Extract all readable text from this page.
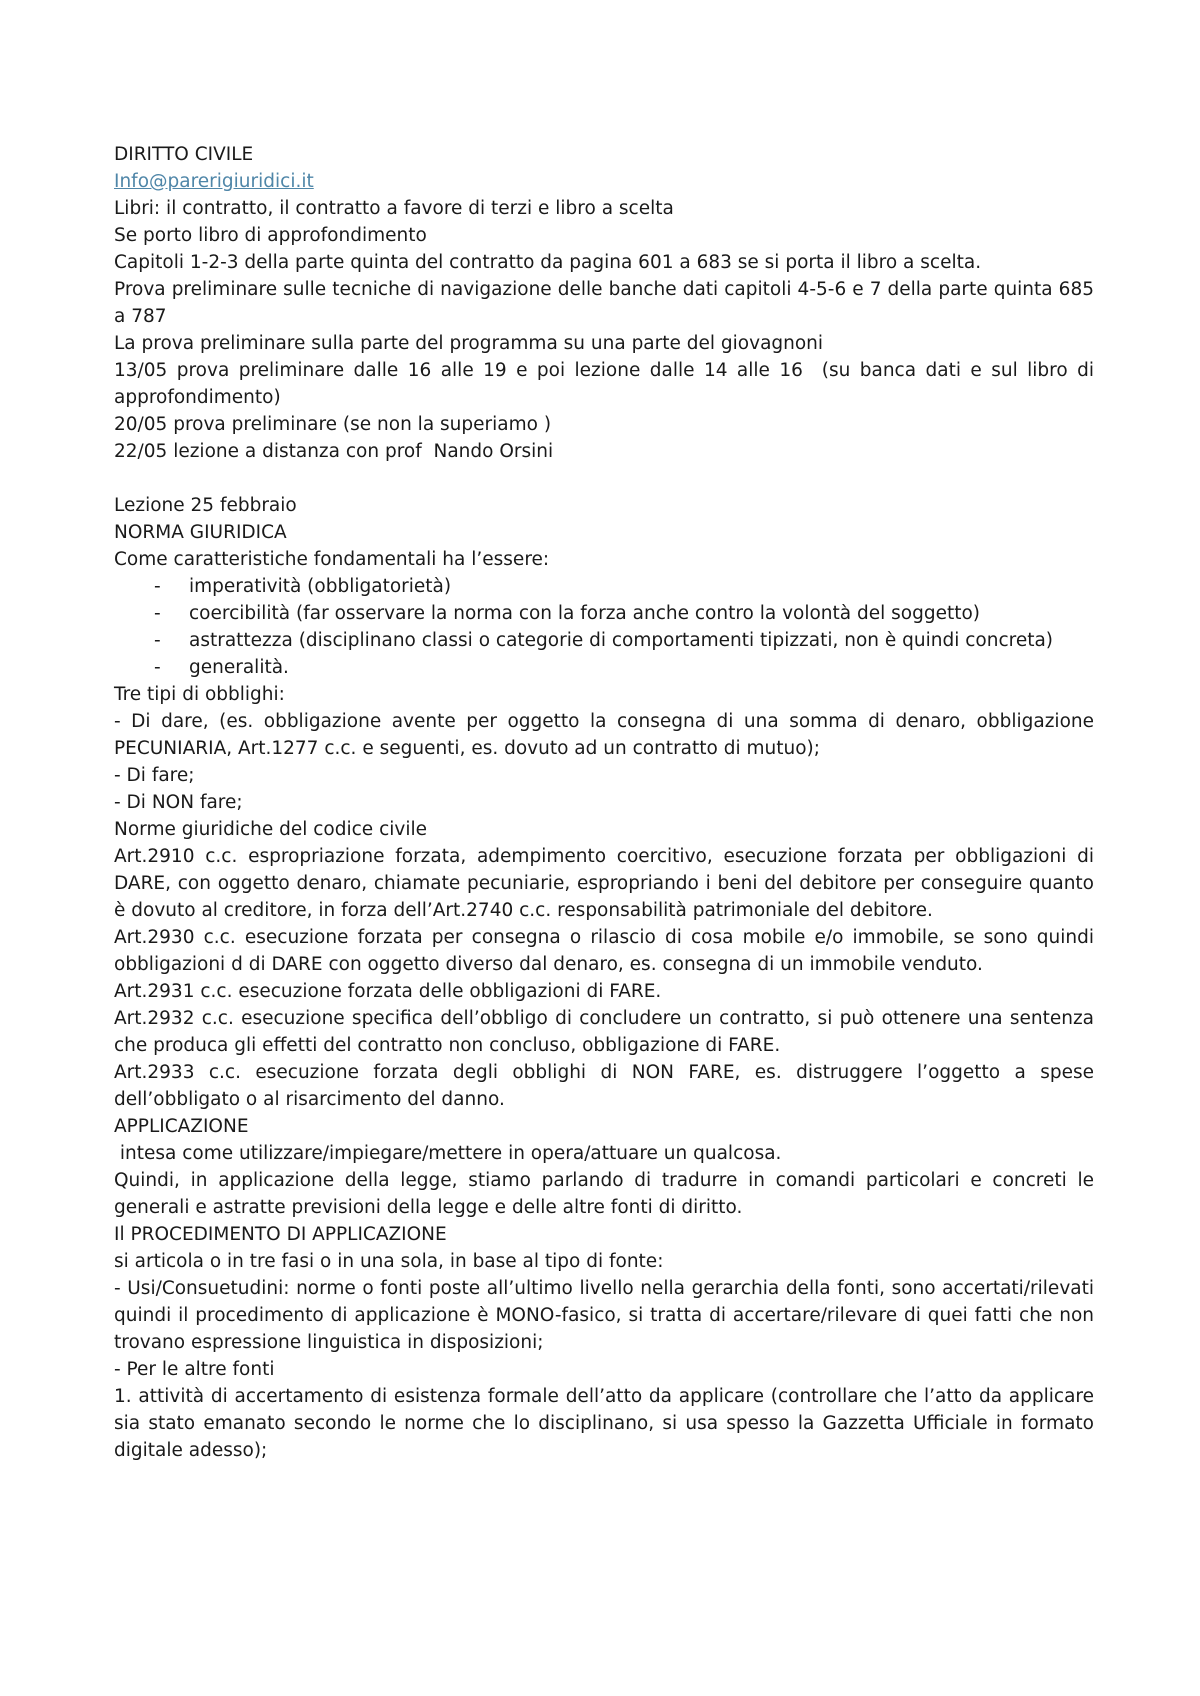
DIRITTO CIVILE
Info@parerigiuridici.it
Libri: il contratto, il contratto a favore di terzi e libro a scelta
Se porto libro di approfondimento
Capitoli 1-2-3 della parte quinta del contratto da pagina 601 a 683 se si porta il libro a scelta.
Prova preliminare sulle tecniche di navigazione delle banche dati capitoli 4-5-6 e 7 della parte quinta 685 a 787
La prova preliminare sulla parte del programma su una parte del giovagnoni
13/05 prova preliminare dalle 16 alle 19 e poi lezione dalle 14 alle 16  (su banca dati e sul libro di approfondimento)
20/05 prova preliminare (se non la superiamo )
22/05 lezione a distanza con prof  Nando Orsini
Lezione 25 febbraio
NORMA GIURIDICA
Come caratteristiche fondamentali ha l’essere:
- imperatività (obbligatorietà)
- coercibilità (far osservare la norma con la forza anche contro la volontà del soggetto)
- astrattezza (disciplinano classi o categorie di comportamenti tipizzati, non è quindi concreta)
- generalità.
Tre tipi di obblighi:
- Di dare, (es. obbligazione avente per oggetto la consegna di una somma di denaro, obbligazione PECUNIARIA, Art.1277 c.c. e seguenti, es. dovuto ad un contratto di mutuo);
- Di fare;
- Di NON fare;
Norme giuridiche del codice civile
Art.2910 c.c. espropriazione forzata, adempimento coercitivo, esecuzione forzata per obbligazioni di DARE, con oggetto denaro, chiamate pecuniarie, espropriando i beni del debitore per conseguire quanto è dovuto al creditore, in forza dell’Art.2740 c.c. responsabilità patrimoniale del debitore.
Art.2930 c.c. esecuzione forzata per consegna o rilascio di cosa mobile e/o immobile, se sono quindi obbligazioni d di DARE con oggetto diverso dal denaro, es. consegna di un immobile venduto.
Art.2931 c.c. esecuzione forzata delle obbligazioni di FARE.
Art.2932 c.c. esecuzione specifica dell’obbligo di concludere un contratto, si può ottenere una sentenza che produca gli effetti del contratto non concluso, obbligazione di FARE.
Art.2933 c.c. esecuzione forzata degli obblighi di NON FARE, es. distruggere l’oggetto a spese dell’obbligato o al risarcimento del danno.
APPLICAZIONE
intesa come utilizzare/impiegare/mettere in opera/attuare un qualcosa.
Quindi, in applicazione della legge, stiamo parlando di tradurre in comandi particolari e concreti le generali e astratte previsioni della legge e delle altre fonti di diritto.
Il PROCEDIMENTO DI APPLICAZIONE
si articola o in tre fasi o in una sola, in base al tipo di fonte:
- Usi/Consuetudini: norme o fonti poste all’ultimo livello nella gerarchia della fonti, sono accertati/rilevati quindi il procedimento di applicazione è MONO-fasico, si tratta di accertare/rilevare di quei fatti che non trovano espressione linguistica in disposizioni;
- Per le altre fonti
1. attività di accertamento di esistenza formale dell’atto da applicare (controllare che l’atto da applicare sia stato emanato secondo le norme che lo disciplinano, si usa spesso la Gazzetta Ufficiale in formato digitale adesso);
